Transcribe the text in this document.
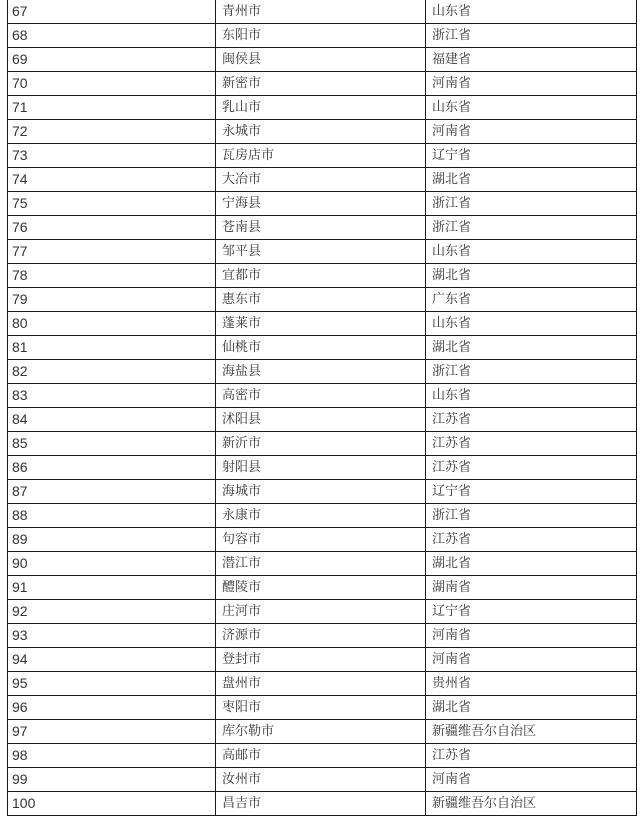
67	青州市	山东省
68	东阳市	浙江省
69	闽侯县	福建省
70	新密市	河南省
71	乳山市	山东省
72	永城市	河南省
73	瓦房店市	辽宁省
74	大冶市	湖北省
75	宁海县	浙江省
76	苍南县	浙江省
77	邹平县	山东省
78	宜都市	湖北省
79	惠东市	广东省
80	蓬莱市	山东省
81	仙桃市	湖北省
82	海盐县	浙江省
83	高密市	山东省
84	沭阳县	江苏省
85	新沂市	江苏省
86	射阳县	江苏省
87	海城市	辽宁省
88	永康市	浙江省
89	句容市	江苏省
90	潜江市	湖北省
91	醴陵市	湖南省
92	庄河市	辽宁省
93	济源市	河南省
94	登封市	河南省
95	盘州市	贵州省
96	枣阳市	湖北省
97	库尔勒市	新疆维吾尔自治区
98	高邮市	江苏省
99	汝州市	河南省
100	昌吉市	新疆维吾尔自治区
